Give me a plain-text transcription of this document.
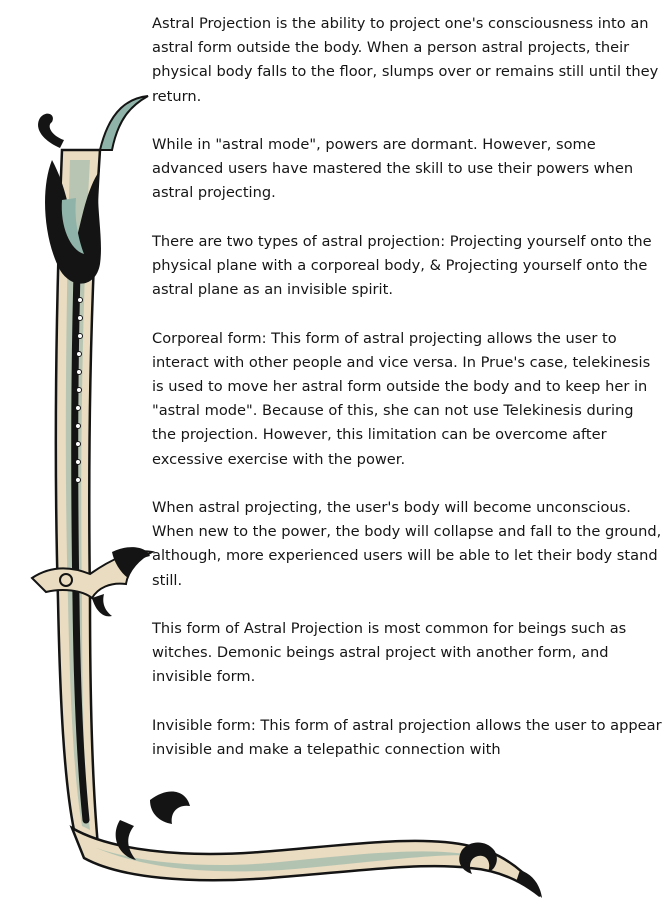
Astral Projection is the ability to project one's consciousness into an astral form outside the body. When a person astral projects, their physical body falls to the floor, slumps over or remains still until they return.

While in "astral mode", powers are dormant. However, some advanced users have mastered the skill to use their powers when astral projecting.

There are two types of astral projection: Projecting yourself onto the physical plane with a corporeal body, & Projecting yourself onto the astral plane as an invisible spirit.

Corporeal form: This form of astral projecting allows the user to interact with other people and vice versa. In Prue's case, telekinesis is used to move her astral form outside the body and to keep her in "astral mode". Because of this, she can not use Telekinesis during the projection. However, this limitation can be overcome after excessive exercise with the power.

When astral projecting, the user's body will become unconscious. When new to the power, the body will collapse and fall to the ground, although, more experienced users will be able to let their body stand still.

This form of Astral Projection is most common for beings such as witches. Demonic beings astral project with another form, and invisible form.

Invisible form: This form of astral projection allows the user to appear invisible and make a telepathic connection with
